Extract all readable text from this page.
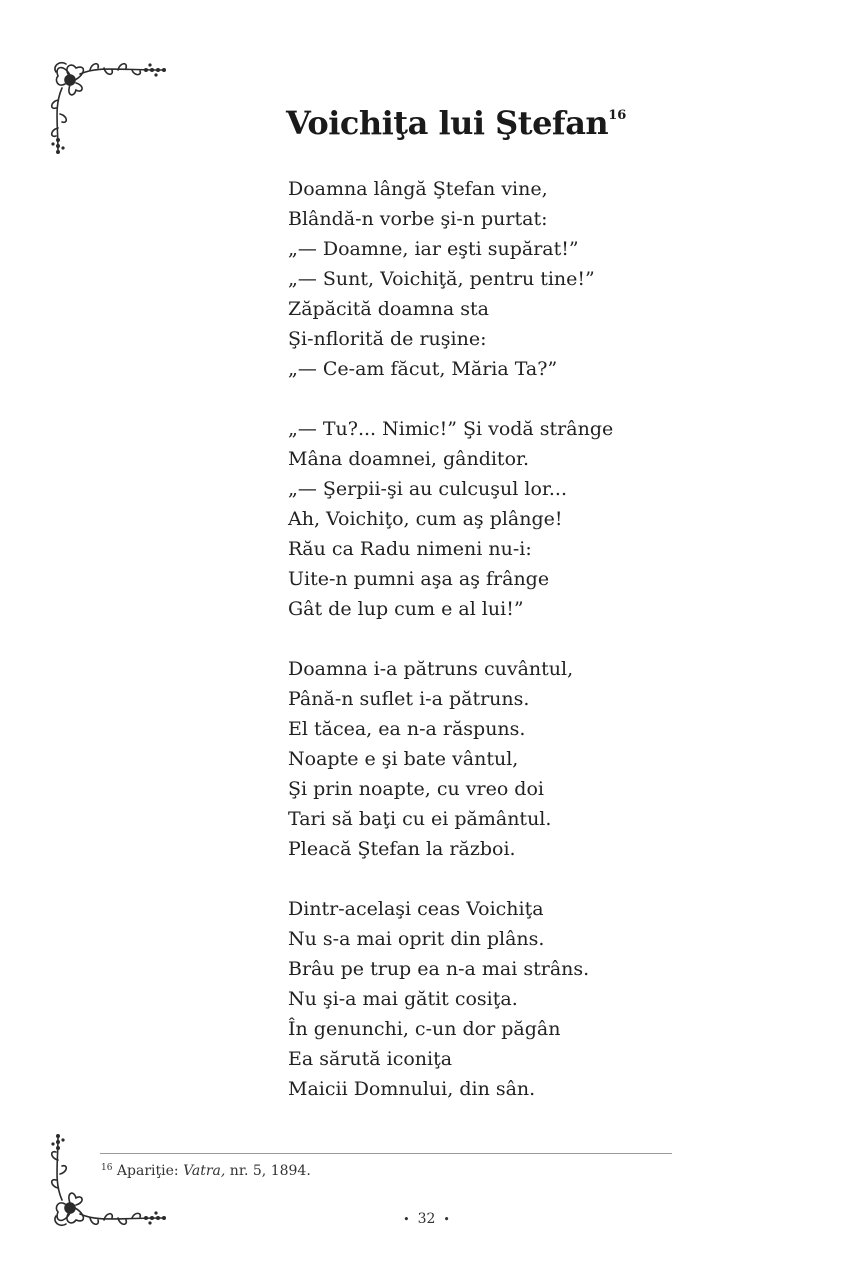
Voichiţa lui Ştefan$^{16}$
Doamna lângă Ştefan vine,
Blândă-n vorbe şi-n purtat:
„— Doamne, iar eşti supărat!”
„— Sunt, Voichiţă, pentru tine!”
Zăpăcită doamna sta
Şi-nflorită de ruşine:
„— Ce-am făcut, Măria Ta?”
„— Tu?... Nimic!” Şi vodă strânge
Mâna doamnei, gânditor.
„— Şerpii-şi au culcuşul lor...
Ah, Voichiţo, cum aş plânge!
Rău ca Radu nimeni nu-i:
Uite-n pumni aşa aş frânge
Gât de lup cum e al lui!”
Doamna i-a pătruns cuvântul,
Până-n suflet i-a pătruns.
El tăcea, ea n-a răspuns.
Noapte e şi bate vântul,
Şi prin noapte, cu vreo doi
Tari să baţi cu ei pământul.
Pleacă Ştefan la război.
Dintr-acelaşi ceas Voichiţa
Nu s-a mai oprit din plâns.
Brâu pe trup ea n-a mai strâns.
Nu şi-a mai gătit cosiţa.
În genunchi, c-un dor păgân
Ea sărută iconiţa
Maicii Domnului, din sân.
$^{16}$ Apariţie: Vatra, nr. 5, 1894.
• 32 •
